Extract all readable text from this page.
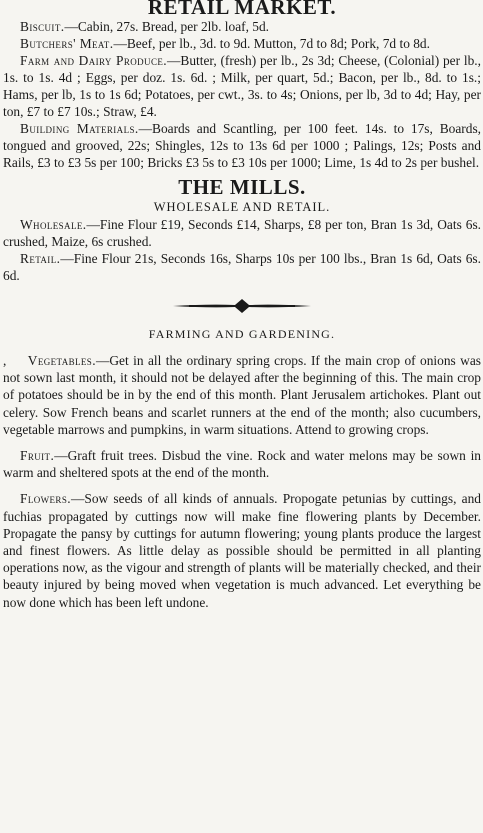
RETAIL MARKET.

Biscuit.—Cabin, 27s. Bread, per 2lb. loaf, 5d.

Butchers' Meat.—Beef, per lb., 3d. to 9d. Mutton, 7d to 8d; Pork, 7d to 8d.

Farm and Dairy Produce.—Butter, (fresh) per lb., 2s 3d; Cheese, (Colonial) per lb., 1s. to 1s. 4d ; Eggs, per doz. 1s. 6d. ; Milk, per quart, 5d.; Bacon, per lb., 8d. to 1s.; Hams, per lb, 1s to 1s 6d; Potatoes, per cwt., 3s. to 4s; Onions, per lb, 3d to 4d; Hay, per ton, £7 to £7 10s.; Straw, £4.

Building Materials.—Boards and Scantling, per 100 feet. 14s. to 17s, Boards, tongued and grooved, 22s; Shingles, 12s to 13s 6d per 1000 ; Palings, 12s; Posts and Rails, £3 to £3 5s per 100; Bricks £3 5s to £3 10s per 1000; Lime, 1s 4d to 2s per bushel.

THE MILLS.
WHOLESALE AND RETAIL.

Wholesale.—Fine Flour £19, Seconds £14, Sharps, £8 per ton, Bran 1s 3d, Oats 6s. crushed, Maize, 6s crushed.

Retail.—Fine Flour 21s, Seconds 16s, Sharps 10s per 100 lbs., Bran 1s 6d, Oats 6s. 6d.

FARMING AND GARDENING.

, Vegetables.—Get in all the ordinary spring crops. If the main crop of onions was not sown last month, it should not be delayed after the beginning of this. The main crop of potatoes should be in by the end of this month. Plant Jerusalem artichokes. Plant out celery. Sow French beans and scarlet runners at the end of the month; also cucumbers, vegetable marrows and pumpkins, in warm situations. Attend to growing crops.

Fruit.—Graft fruit trees. Disbud the vine. Rock and water melons may be sown in warm and sheltered spots at the end of the month.

Flowers.—Sow seeds of all kinds of annuals. Propogate petunias by cuttings, and fuchias propagated by cuttings now will make fine flowering plants by December. Propagate the pansy by cuttings for autumn flowering; young plants produce the largest and finest flowers. As little delay as possible should be permitted in all planting operations now, as the vigour and strength of plants will be materially checked, and their beauty injured by being moved when vegetation is much advanced. Let everything be now done which has been left undone.
